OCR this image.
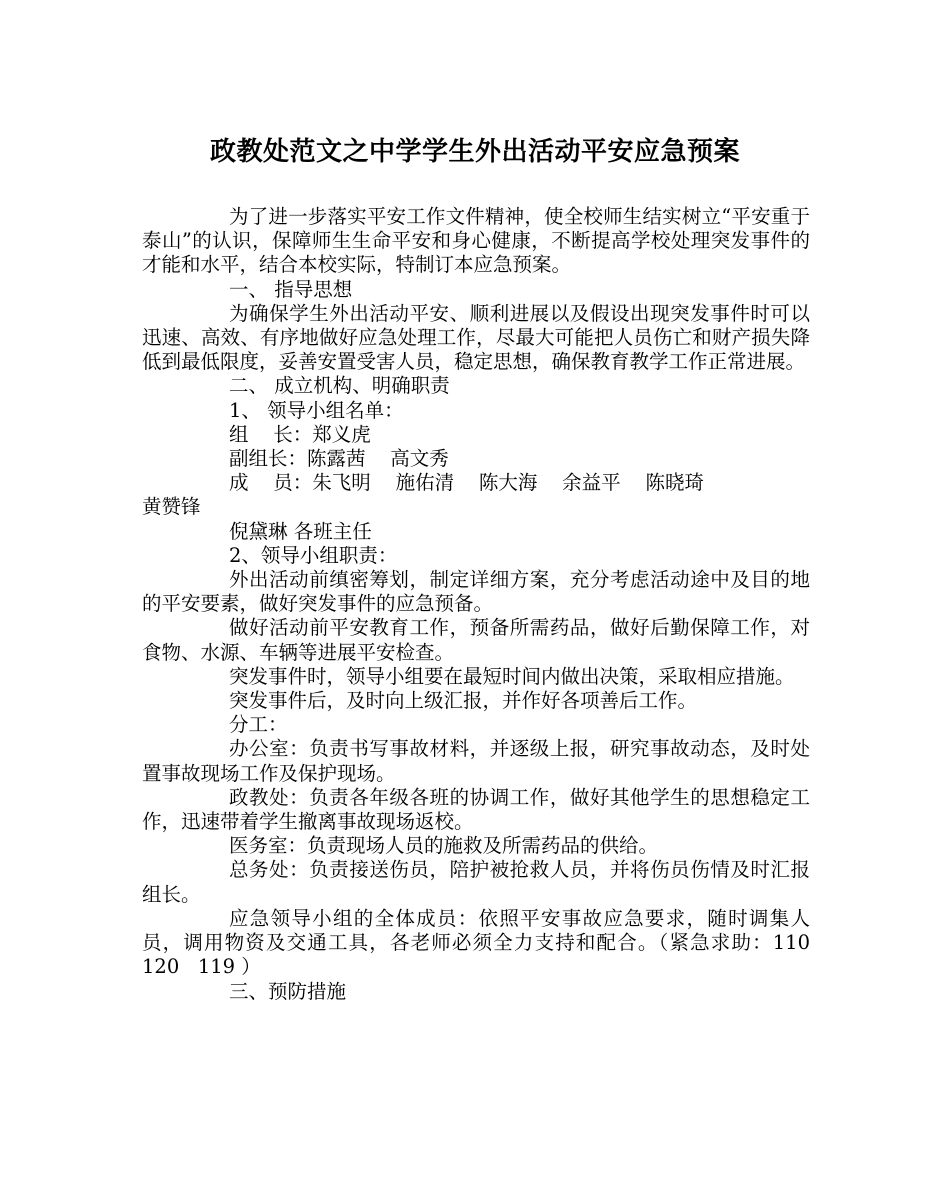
政教处范文之中学学生外出活动平安应急预案

为了进一步落实平安工作文件精神，使全校师生结实树立“平安重于泰山”的认识，保障师生生命平安和身心健康，不断提高学校处理突发事件的才能和水平，结合本校实际，特制订本应急预案。

一、 指导思想

为确保学生外出活动平安、顺利进展以及假设出现突发事件时可以迅速、高效、有序地做好应急处理工作，尽最大可能把人员伤亡和财产损失降低到最低限度，妥善安置受害人员，稳定思想，确保教育教学工作正常进展。

二、 成立机构、明确职责

1、 领导小组名单：

组    长：郑义虎

副组长：陈露茜    高文秀

成    员：朱飞明    施佑清    陈大海    余益平    陈晓琦

黄赞锋

倪黛琳 各班主任

2、领导小组职责：

外出活动前缜密筹划，制定详细方案，充分考虑活动途中及目的地的平安要素，做好突发事件的应急预备。

做好活动前平安教育工作，预备所需药品，做好后勤保障工作，对食物、水源、车辆等进展平安检查。

突发事件时，领导小组要在最短时间内做出决策，采取相应措施。

突发事件后，及时向上级汇报，并作好各项善后工作。

分工：

办公室：负责书写事故材料，并逐级上报，研究事故动态，及时处置事故现场工作及保护现场。

政教处：负责各年级各班的协调工作，做好其他学生的思想稳定工作，迅速带着学生撤离事故现场返校。

医务室：负责现场人员的施救及所需药品的供给。

总务处：负责接送伤员，陪护被抢救人员，并将伤员伤情及时汇报组长。

应急领导小组的全体成员：依照平安事故应急要求，随时调集人员，调用物资及交通工具，各老师必须全力支持和配合。（紧急求助：110     120   119 ）

三、预防措施
